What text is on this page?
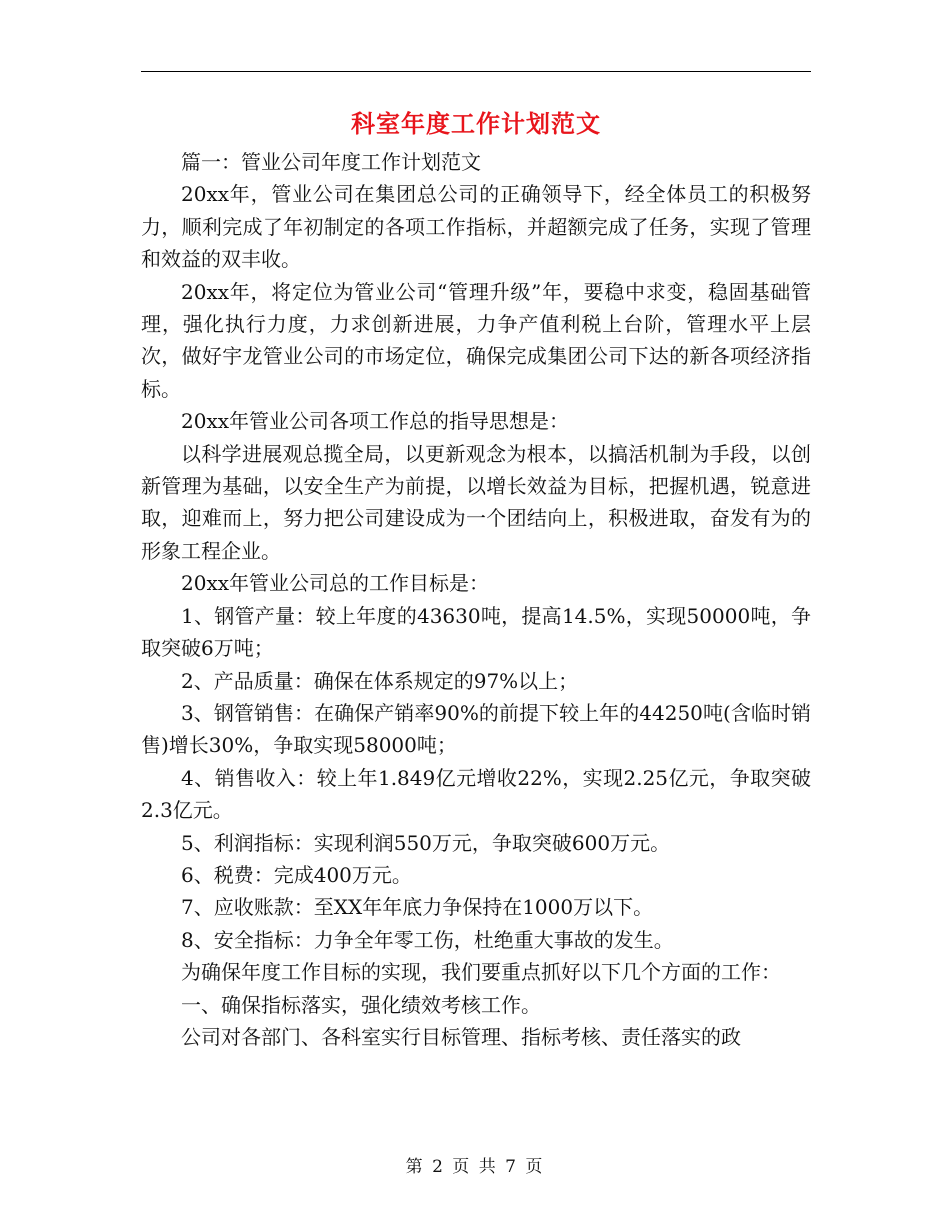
科室年度工作计划范文

篇一：管业公司年度工作计划范文

20xx年，管业公司在集团总公司的正确领导下，经全体员工的积极努力，顺利完成了年初制定的各项工作指标，并超额完成了任务，实现了管理和效益的双丰收。

20xx年，将定位为管业公司“管理升级”年，要稳中求变，稳固基础管理，强化执行力度，力求创新进展，力争产值利税上台阶，管理水平上层次，做好宇龙管业公司的市场定位，确保完成集团公司下达的新各项经济指标。

20xx年管业公司各项工作总的指导思想是：

以科学进展观总揽全局，以更新观念为根本，以搞活机制为手段，以创新管理为基础，以安全生产为前提，以增长效益为目标，把握机遇，锐意进取，迎难而上，努力把公司建设成为一个团结向上，积极进取，奋发有为的形象工程企业。

20xx年管业公司总的工作目标是：

1、钢管产量：较上年度的43630吨，提高14.5%，实现50000吨，争取突破6万吨；

2、产品质量：确保在体系规定的97%以上；

3、钢管销售：在确保产销率90%的前提下较上年的44250吨(含临时销售)增长30%，争取实现58000吨；

4、销售收入：较上年1.849亿元增收22%，实现2.25亿元，争取突破2.3亿元。

5、利润指标：实现利润550万元，争取突破600万元。

6、税费：完成400万元。

7、应收账款：至XX年年底力争保持在1000万以下。

8、安全指标：力争全年零工伤，杜绝重大事故的发生。

为确保年度工作目标的实现，我们要重点抓好以下几个方面的工作：

一、确保指标落实，强化绩效考核工作。

公司对各部门、各科室实行目标管理、指标考核、责任落实的政

第 2 页 共 7 页
